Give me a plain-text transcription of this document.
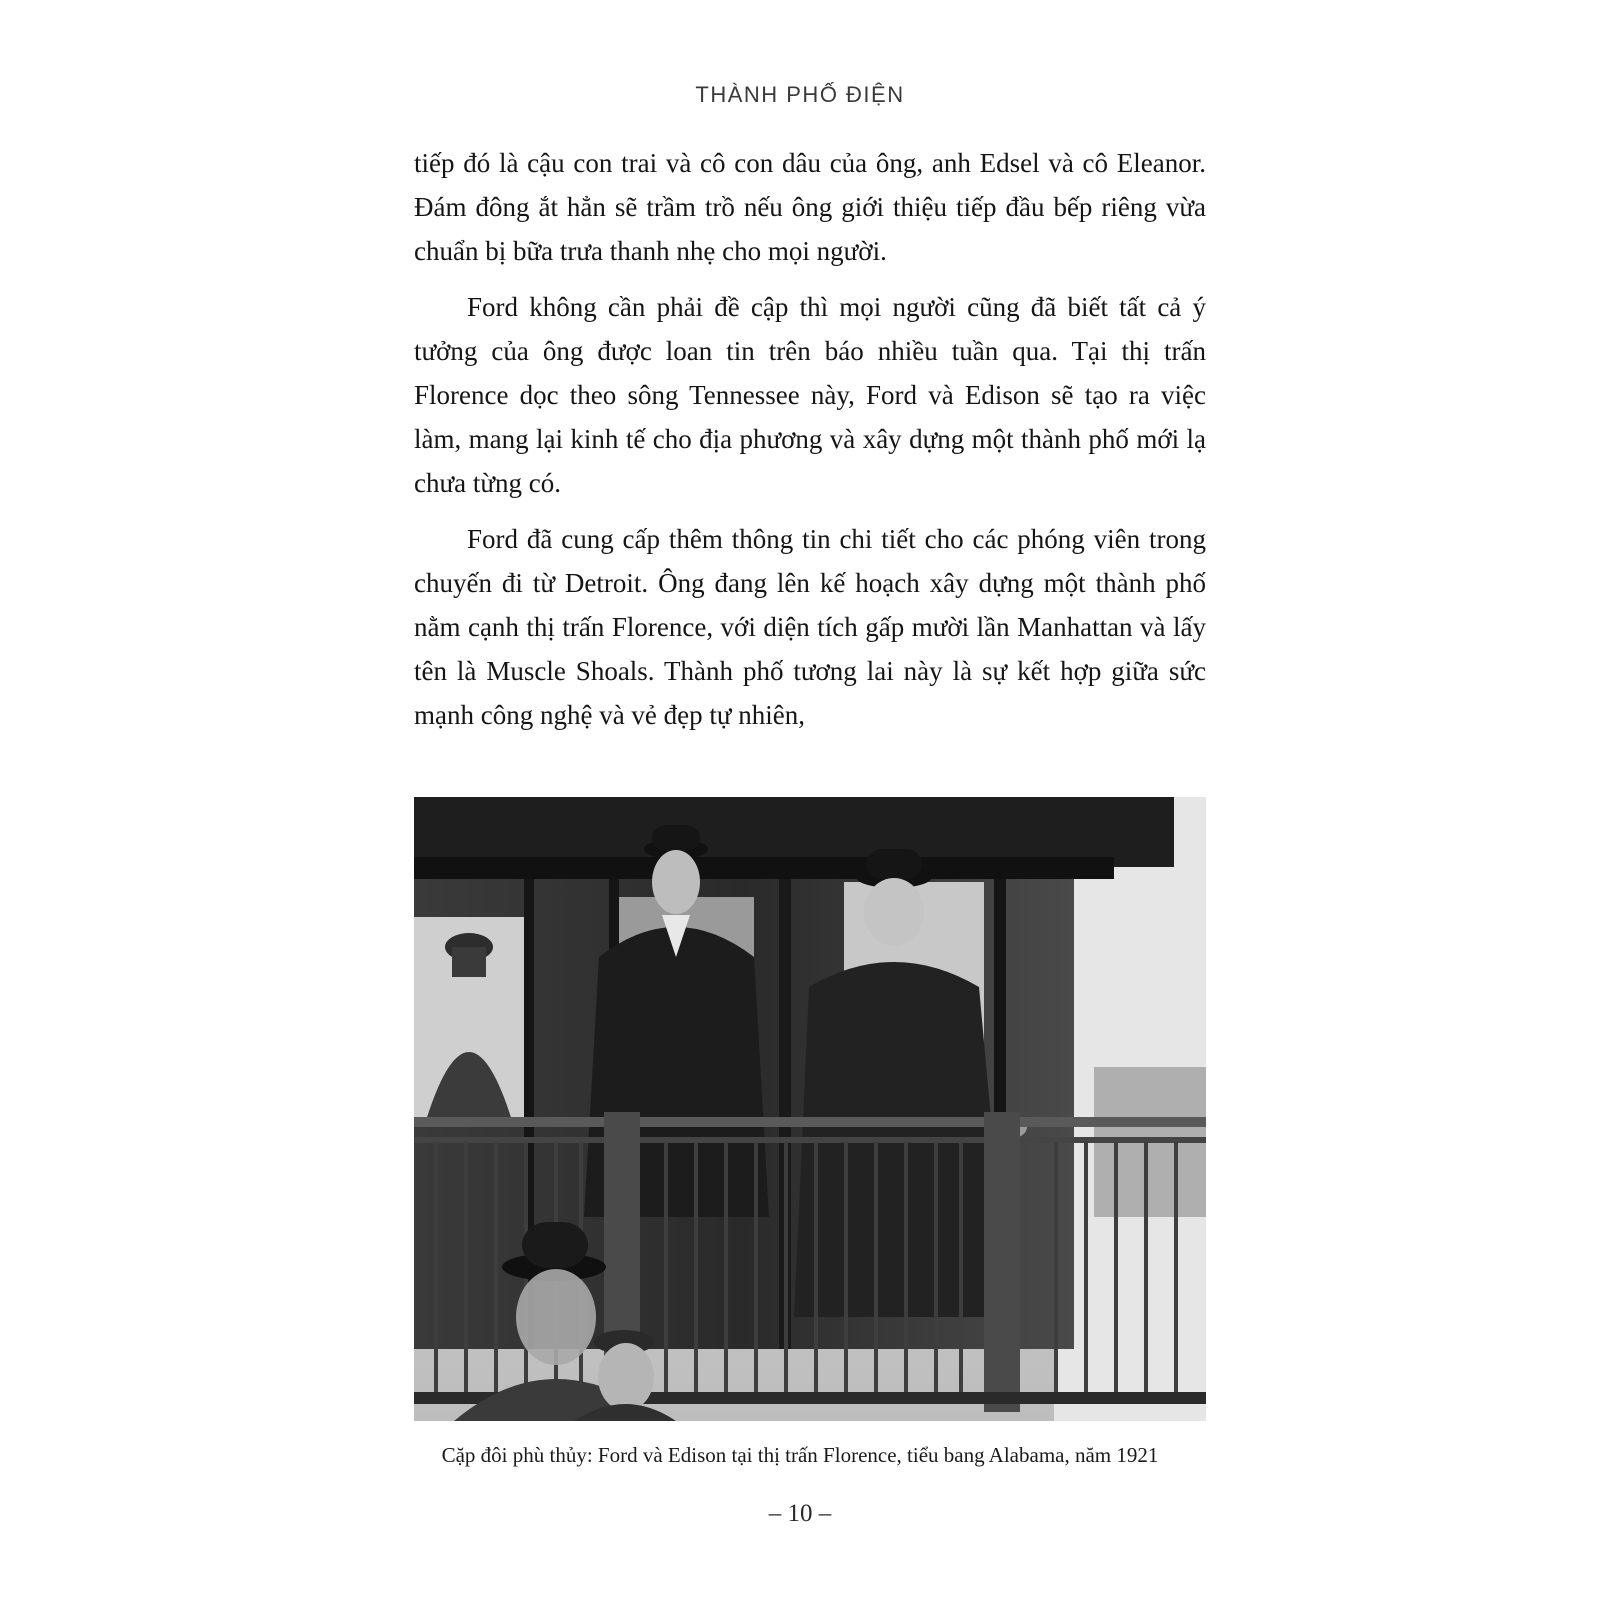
THÀNH PHỐ ĐIỆN

tiếp đó là cậu con trai và cô con dâu của ông, anh Edsel và cô Eleanor. Đám đông ắt hẳn sẽ trầm trồ nếu ông giới thiệu tiếp đầu bếp riêng vừa chuẩn bị bữa trưa thanh nhẹ cho mọi người.

Ford không cần phải đề cập thì mọi người cũng đã biết tất cả ý tưởng của ông được loan tin trên báo nhiều tuần qua. Tại thị trấn Florence dọc theo sông Tennessee này, Ford và Edison sẽ tạo ra việc làm, mang lại kinh tế cho địa phương và xây dựng một thành phố mới lạ chưa từng có.

Ford đã cung cấp thêm thông tin chi tiết cho các phóng viên trong chuyến đi từ Detroit. Ông đang lên kế hoạch xây dựng một thành phố nằm cạnh thị trấn Florence, với diện tích gấp mười lần Manhattan và lấy tên là Muscle Shoals. Thành phố tương lai này là sự kết hợp giữa sức mạnh công nghệ và vẻ đẹp tự nhiên,

Cặp đôi phù thủy: Ford và Edison tại thị trấn Florence, tiểu bang Alabama, năm 1921
– 10 –
